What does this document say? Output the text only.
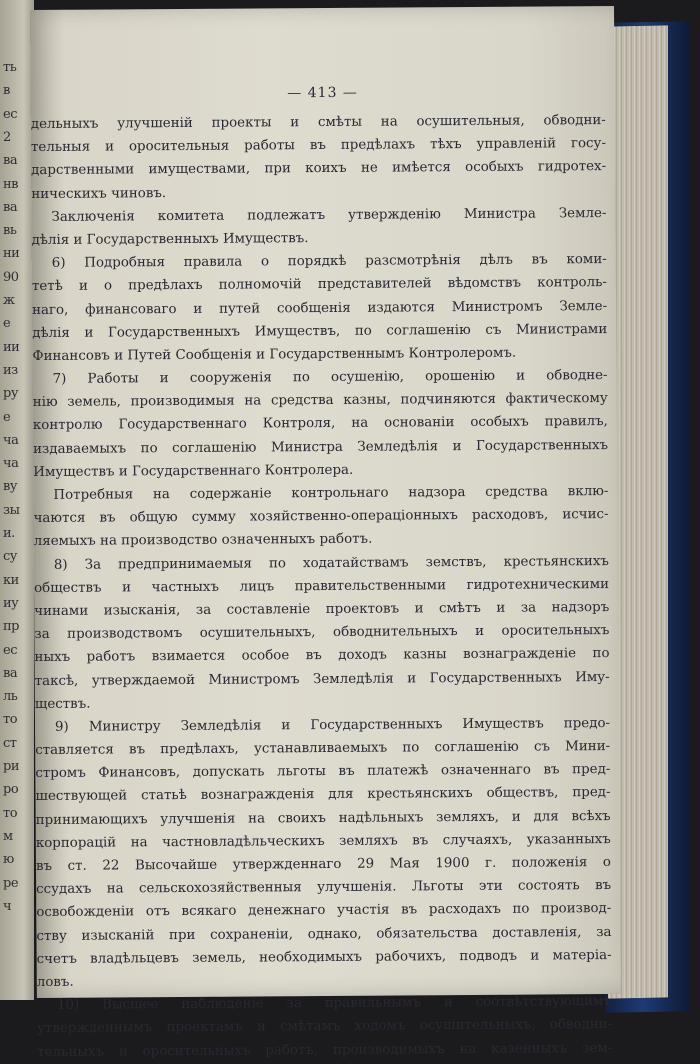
ть
в
ес
2
ва
нв
ва
вь
ни
90
ж
е
ии
из
ру
е
ча
ча
ву
зы
и.
су
ки
иу
пр
ес
ва
ль
то
ст
ри
ро
то
м
ю
ре
ч
— 413 —
дельныхъ улучшенiй проекты и смѣты на осушительныя, обводни-
тельныя и оросительныя работы въ предѣлахъ тѣхъ управленiй госу-
дарственными имуществами, при коихъ не имѣется особыхъ гидротех-
ническихъ чиновъ.
Заключенiя комитета подлежатъ утвержденiю Министра Земле-
дѣлiя и Государственныхъ Имуществъ.
6) Подробныя правила о порядкѣ разсмотрѣнiя дѣлъ въ коми-
тетѣ и о предѣлахъ полномочiй представителей вѣдомствъ контроль-
наго, финансоваго и путей сообщенiя издаются Министромъ Земле-
дѣлiя и Государственныхъ Имуществъ, по соглашенiю съ Министрами
Финансовъ и Путей Сообщенiя и Государственнымъ Контролеромъ.
7) Работы и сооруженiя по осушенiю, орошенiю и обводне-
нiю земель, производимыя на средства казны, подчиняются фактическому
контролю Государственнаго Контроля, на основанiи особыхъ правилъ,
издаваемыхъ по соглашенiю Министра Земледѣлiя и Государственныхъ
Имуществъ и Государственнаго Контролера.
Потребныя на содержанiе контрольнаго надзора средства вклю-
чаются въ общую сумму хозяйственно-операцiонныхъ расходовъ, исчис-
ляемыхъ на производство означенныхъ работъ.
8) За предпринимаемыя по ходатайствамъ земствъ, крестьянскихъ
обществъ и частныхъ лицъ правительственными гидротехническими
чинами изысканiя, за составленiе проектовъ и смѣтъ и за надзоръ
за производствомъ осушительныхъ, обводнительныхъ и оросительныхъ
ныхъ работъ взимается особое въ доходъ казны вознагражденiе по
таксѣ, утверждаемой Министромъ Земледѣлiя и Государственныхъ Иму-
ществъ.
9) Министру Земледѣлiя и Государственныхъ Имуществъ предо-
ставляется въ предѣлахъ, устанавливаемыхъ по соглашенiю съ Мини-
стромъ Финансовъ, допускать льготы въ платежѣ означеннаго въ пред-
шествующей статьѣ вознагражденiя для крестьянскихъ обществъ, пред-
принимающихъ улучшенiя на своихъ надѣльныхъ земляхъ, и для всѣхъ
корпорацiй на частновладѣльческихъ земляхъ въ случаяхъ, указанныхъ
въ ст. 22 Высочайше утвержденнаго 29 Мая 1900 г. положенiя о
ссудахъ на сельскохозяйственныя улучшенiя. Льготы эти состоять въ
освобожденiи отъ всякаго денежнаго участiя въ расходахъ по производ-
ству изысканiй при сохраненiи, однако, обязательства доставленiя, за
счетъ владѣльцевъ земель, необходимыхъ рабочихъ, подводъ и матерiа-
ловъ.
10) Высшее наблюденiе за правильнымъ и соотвѣтствующимъ
утвержденнымъ проектамъ и смѣтамъ ходомъ осушительныхъ, обводни-
тельныхъ и оросительныхъ работъ, производимыхъ на казенныхъ зем-
